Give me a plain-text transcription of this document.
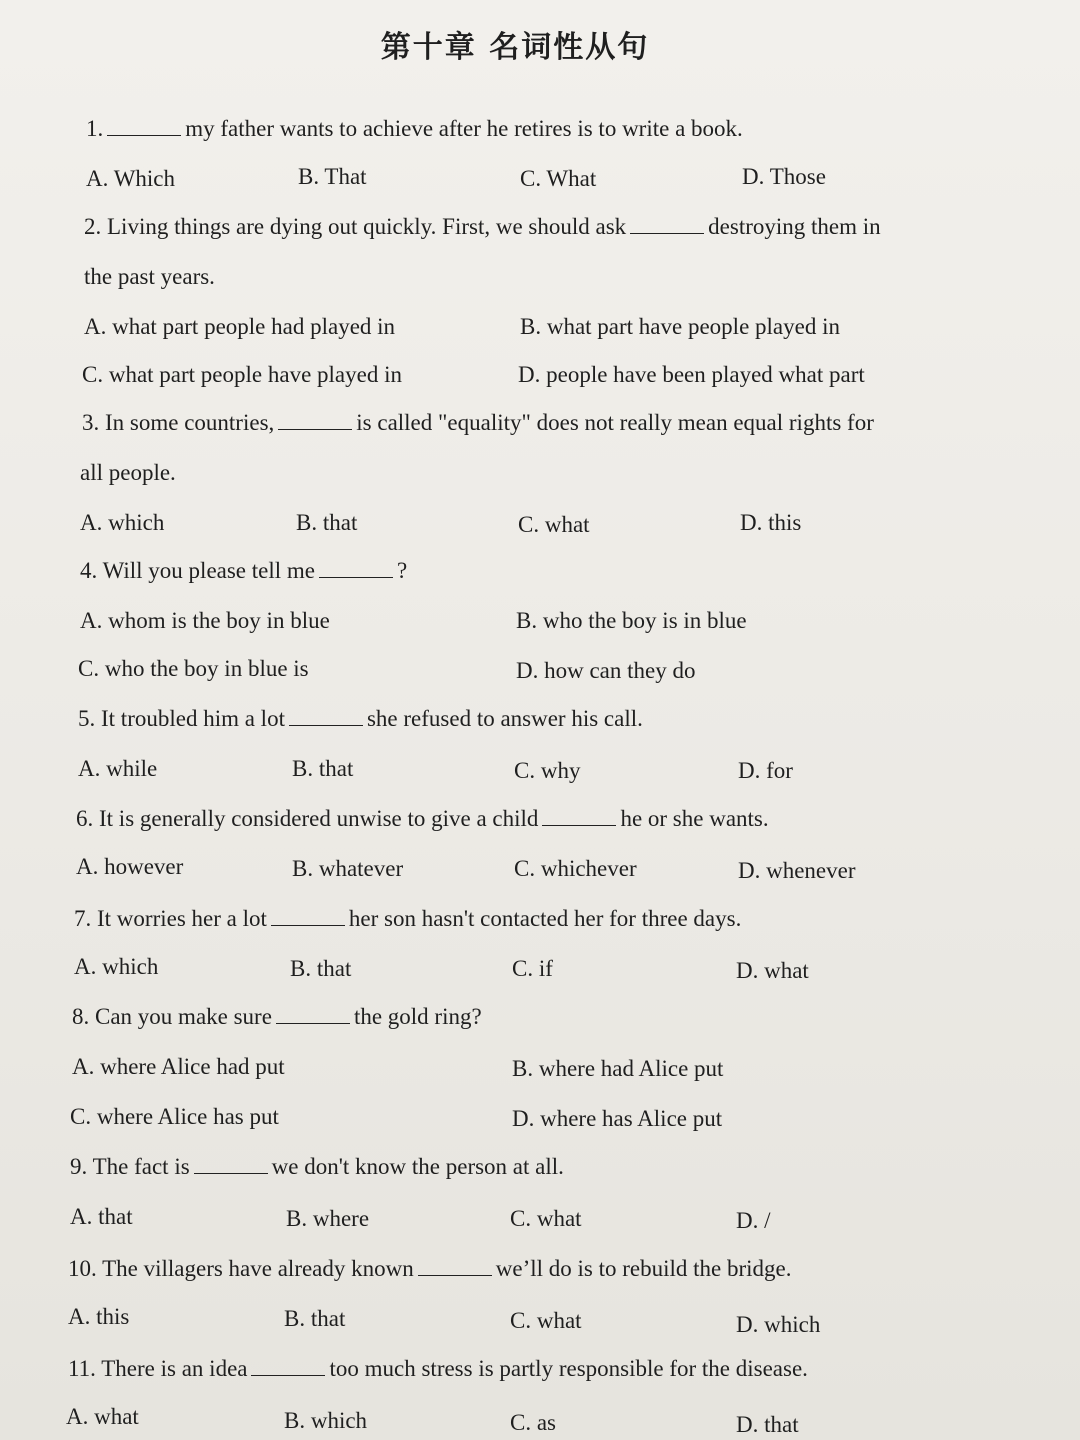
第十章 名词性从句
1.	my father wants to achieve after he retires is to write a book.
A. Which	B. That	C. What	D. Those
2. Living things are dying out quickly. First, we should ask	destroying them in
the past years.
A. what part people had played in	B. what part have people played in
C. what part people have played in	D. people have been played what part
3. In some countries,	is called "equality" does not really mean equal rights for
all people.
A. which	B. that	C. what	D. this
4. Will you please tell me	?
A. whom is the boy in blue	B. who the boy is in blue
C. who the boy in blue is	D. how can they do
5. It troubled him a lot	she refused to answer his call.
A. while	B. that	C. why	D. for
6. It is generally considered unwise to give a child	he or she wants.
A. however	B. whatever	C. whichever	D. whenever
7. It worries her a lot	her son hasn't contacted her for three days.
A. which	B. that	C. if	D. what
8. Can you make sure	the gold ring?
A. where Alice had put	B. where had Alice put
C. where Alice has put	D. where has Alice put
9. The fact is	we don't know the person at all.
A. that	B. where	C. what	D. /
10. The villagers have already known	we’ll do is to rebuild the bridge.
A. this	B. that	C. what	D. which
11. There is an idea	too much stress is partly responsible for the disease.
A. what	B. which	C. as	D. that
